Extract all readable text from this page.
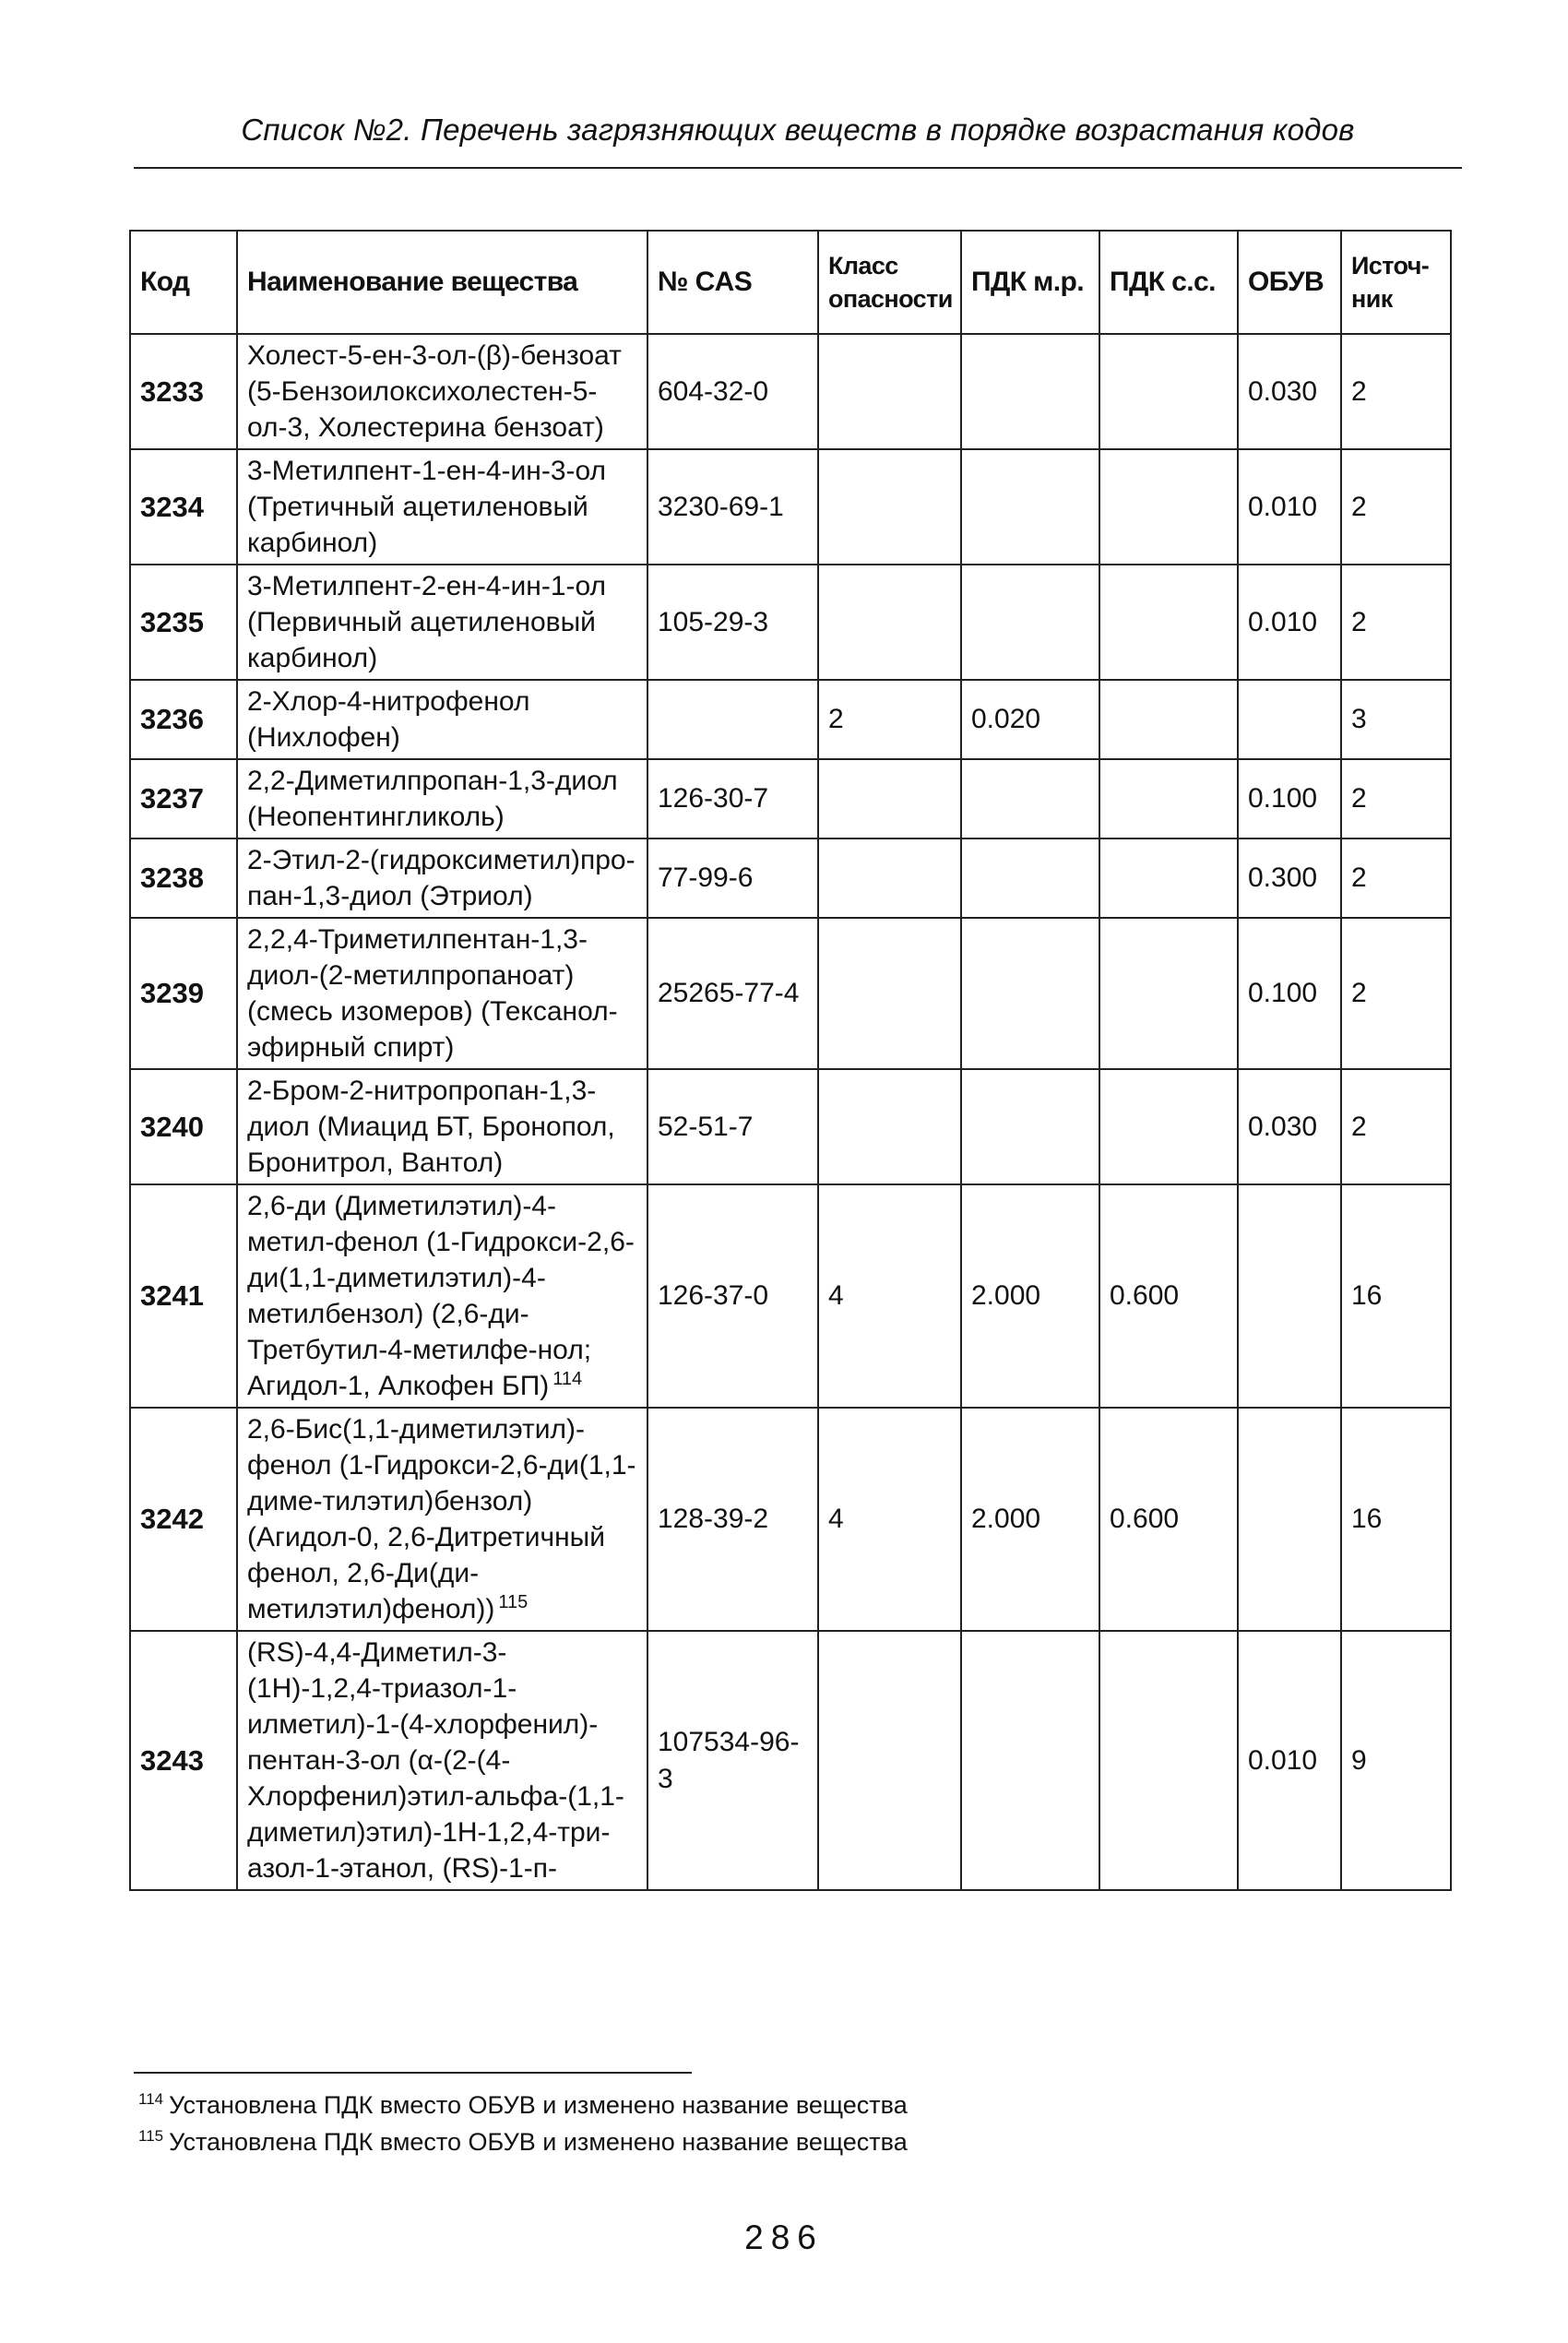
Список №2. Перечень загрязняющих веществ в порядке возрастания кодов
Код	Наименование вещества	№ CAS	Класс опасности	ПДК м.р.	ПДК с.с.	ОБУВ	Источ-ник
3233	Холест-5-ен-3-ол-(β)-бензоат (5-Бензоилоксихолестен-5-ол-3, Холестерина бензоат)	604-32-0				0.030	2
3234	3-Метилпент-1-ен-4-ин-3-ол (Третичный ацетиленовый карбинол)	3230-69-1				0.010	2
3235	3-Метилпент-2-ен-4-ин-1-ол (Первичный ацетиленовый карбинол)	105-29-3				0.010	2
3236	2-Хлор-4-нитрофенол (Нихлофен)		2	0.020			3
3237	2,2-Диметилпропан-1,3-диол (Неопентингликоль)	126-30-7				0.100	2
3238	2-Этил-2-(гидроксиметил)про-пан-1,3-диол (Этриол)	77-99-6				0.300	2
3239	2,2,4-Триметилпентан-1,3-диол-(2-метилпропаноат) (смесь изомеров) (Тексанол-эфирный спирт)	25265-77-4				0.100	2
3240	2-Бром-2-нитропропан-1,3-диол (Миацид БТ, Бронопол, Бронитрол, Вантол)	52-51-7				0.030	2
3241	2,6-ди (Диметилэтил)-4-метил-фенол (1-Гидрокси-2,6-ди(1,1-диметилэтил)-4-метилбензол) (2,6-ди-Третбутил-4-метилфе-нол; Агидол-1, Алкофен БП) $^{114}$	126-37-0	4	2.000	0.600		16
3242	2,6-Бис(1,1-диметилэтил)-фенол (1-Гидрокси-2,6-ди(1,1-диме-тилэтил)бензол) (Агидол-0, 2,6-Дитретичный фенол, 2,6-Ди(ди-метилэтил)фенол)) $^{115}$	128-39-2	4	2.000	0.600		16
3243	(RS)-4,4-Диметил-3-(1Н)-1,2,4-триазол-1-илметил)-1-(4-хлорфенил)-пентан-3-ол (α-(2-(4-Хлорфенил)этил-альфа-(1,1-диметил)этил)-1Н-1,2,4-три-азол-1-этанол, (RS)-1-п-	107534-96-3				0.010	9
$^{114}$ Установлена ПДК вместо ОБУВ и изменено название вещества
$^{115}$ Установлена ПДК вместо ОБУВ и изменено название вещества
286
